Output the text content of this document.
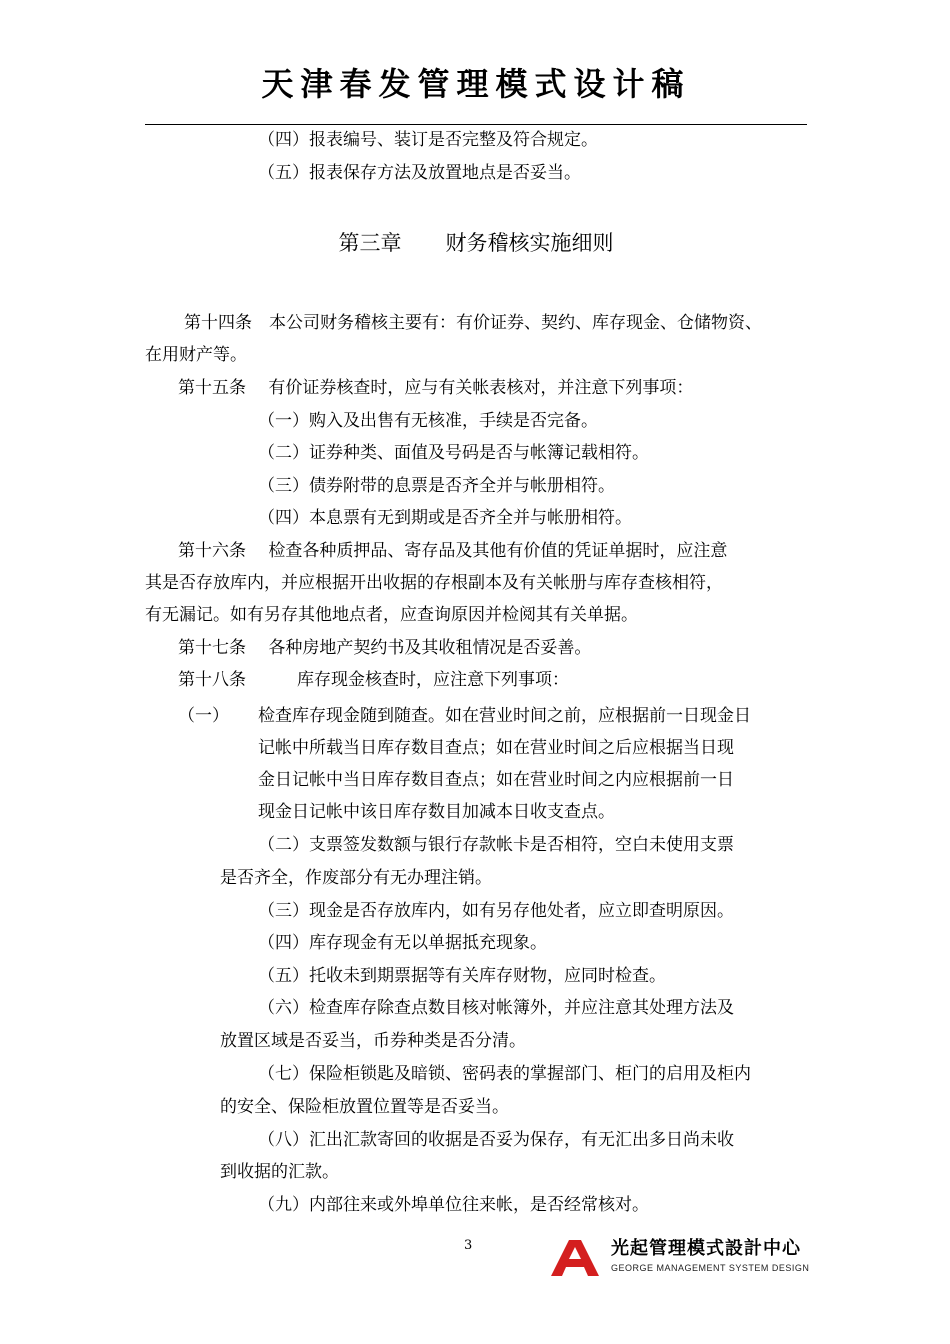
天津春发管理模式设计稿
（四）报表编号、装订是否完整及符合规定。
（五）报表保存方法及放置地点是否妥当。
第三章 财务稽核实施细则
第十四条　本公司财务稽核主要有：有价证券、契约、库存现金、仓储物资、
在用财产等。
第十五条　 有价证券核查时，应与有关帐表核对，并注意下列事项：
（一）购入及出售有无核准，手续是否完备。
（二）证券种类、面值及号码是否与帐簿记载相符。
（三）债券附带的息票是否齐全并与帐册相符。
（四）本息票有无到期或是否齐全并与帐册相符。
第十六条　 检查各种质押品、寄存品及其他有价值的凭证单据时，应注意
其是否存放库内，并应根据开出收据的存根副本及有关帐册与库存查核相符，
有无漏记。如有另存其他地点者，应查询原因并检阅其有关单据。
第十七条　 各种房地产契约书及其收租情况是否妥善。
第十八条　　　库存现金核查时，应注意下列事项：
（一） 检查库存现金随到随查。如在营业时间之前，应根据前一日现金日
记帐中所载当日库存数目查点；如在营业时间之后应根据当日现
金日记帐中当日库存数目查点；如在营业时间之内应根据前一日
现金日记帐中该日库存数目加减本日收支查点。
（二）支票签发数额与银行存款帐卡是否相符，空白未使用支票
是否齐全，作废部分有无办理注销。
（三）现金是否存放库内，如有另存他处者，应立即查明原因。
（四）库存现金有无以单据抵充现象。
（五）托收未到期票据等有关库存财物，应同时检查。
（六）检查库存除查点数目核对帐簿外，并应注意其处理方法及
放置区域是否妥当，币券种类是否分清。
（七）保险柜锁匙及暗锁、密码表的掌握部门、柜门的启用及柜内
的安全、保险柜放置位置等是否妥当。
（八）汇出汇款寄回的收据是否妥为保存，有无汇出多日尚未收
到收据的汇款。
（九）内部往来或外埠单位往来帐，是否经常核对。
3
A
光起管理模式設計中心
GEORGE MANAGEMENT SYSTEM DESIGN
